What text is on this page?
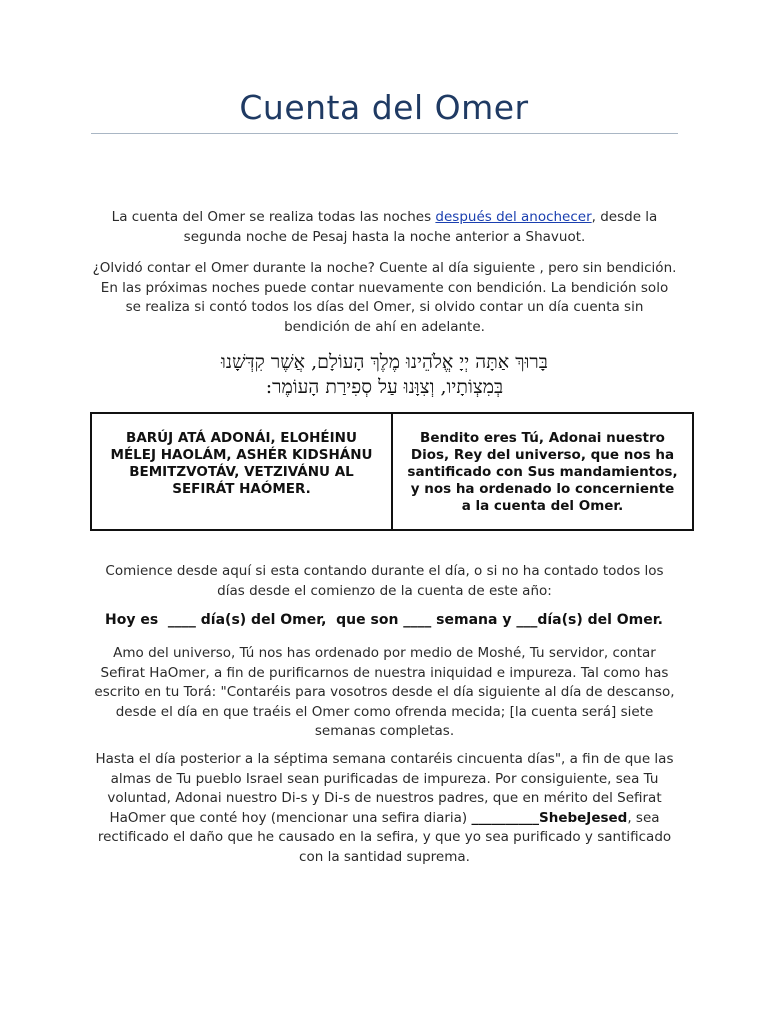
Cuenta del Omer
La cuenta del Omer se realiza todas las noches después del anochecer, desde la segunda noche de Pesaj hasta la noche anterior a Shavuot.
¿Olvidó contar el Omer durante la noche? Cuente al día siguiente , pero sin bendición. En las próximas noches puede contar nuevamente con bendición. La bendición solo se realiza si contó todos los días del Omer, si olvido contar un día cuenta sin bendición de ahí en adelante.
בָּרוּךְ אַתָּה יְיָ אֱלֹהֵינוּ מֶלֶךְ הָעוֹלָם, אֲשֶׁר קִדְּשָׁנוּ
בְּמִצְוֹתָיו, וְצִוָּנוּ עַל סְפִירַת הָעוֹמֶר:
BARÚJ ATÁ ADONÁI, ELOHÉINU MÉLEJ HAOLÁM, ASHÉR KIDSHÁNU BEMITZVOTÁV, VETZIVÁNU AL SEFIRÁT HAÓMER.
Bendito eres Tú, Adonai nuestro Dios, Rey del universo, que nos ha santificado con Sus mandamientos, y nos ha ordenado lo concerniente a la cuenta del Omer.
Comience desde aquí si esta contando durante el día, o si no ha contado todos los días desde el comienzo de la cuenta de este año:
Hoy es  ____ día(s) del Omer,  que son ____ semana y ___día(s) del Omer.
Amo del universo, Tú nos has ordenado por medio de Moshé, Tu servidor, contar Sefirat HaOmer, a fin de purificarnos de nuestra iniquidad e impureza. Tal como has escrito en tu Torá: "Contaréis para vosotros desde el día siguiente al día de descanso, desde el día en que traéis el Omer como ofrenda mecida; [la cuenta será] siete semanas completas.
Hasta el día posterior a la séptima semana contaréis cincuenta días", a fin de que las almas de Tu pueblo Israel sean purificadas de impureza. Por consiguiente, sea Tu voluntad, Adonai nuestro Di-s y Di-s de nuestros padres, que en mérito del Sefirat HaOmer que conté hoy (mencionar una sefira diaria) __________ShebeJesed, sea rectificado el daño que he causado en la sefira, y que yo sea purificado y santificado con la santidad suprema.
